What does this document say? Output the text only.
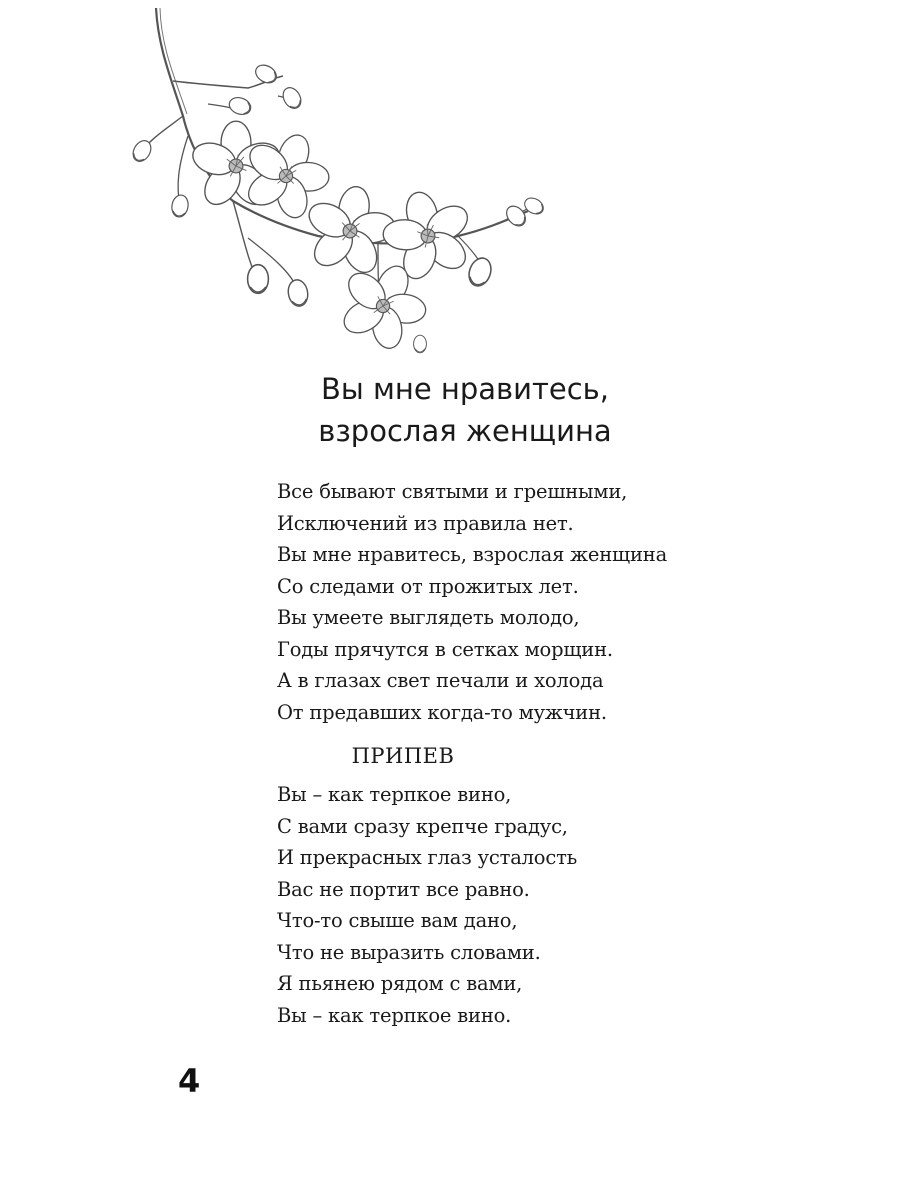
Вы мне нравитесь,
взрослая женщина
Все бывают святыми и грешными,
Исключений из правила нет.
Вы мне нравитесь, взрослая женщина
Со следами от прожитых лет.
Вы умеете выглядеть молодо,
Годы прячутся в сетках морщин.
А в глазах свет печали и холода
От предавших когда-то мужчин.
ПРИПЕВ
Вы – как терпкое вино,
С вами сразу крепче градус,
И прекрасных глаз усталость
Вас не портит все равно.
Что-то свыше вам дано,
Что не выразить словами.
Я пьянею рядом с вами,
Вы – как терпкое вино.
4
